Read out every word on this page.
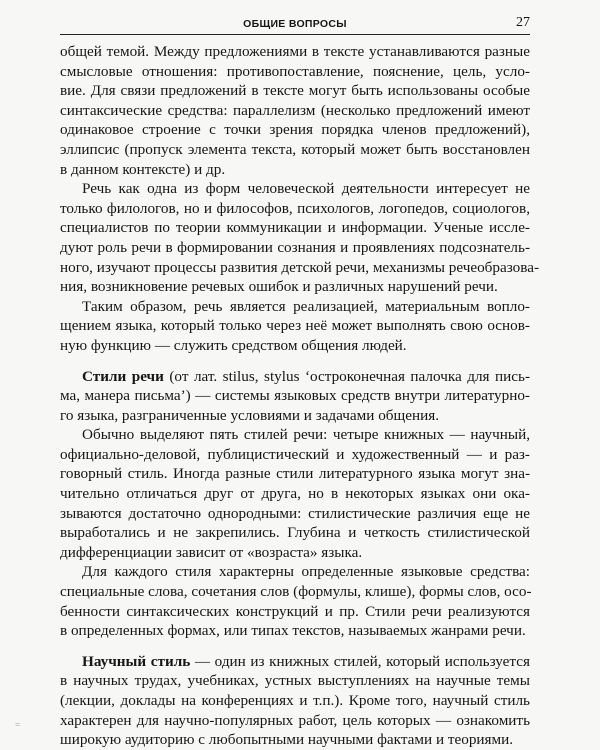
ОБЩИЕ ВОПРОСЫ	27
общей темой. Между предложениями в тексте устанавливаются разные
смысловые отношения: противопоставление, пояснение, цель, усло-
вие. Для связи предложений в тексте могут быть использованы особые
синтаксические средства: параллелизм (несколько предложений имеют
одинаковое строение с точки зрения порядка членов предложений),
эллипсис (пропуск элемента текста, который может быть восстановлен
в данном контексте) и др.
Речь как одна из форм человеческой деятельности интересует не
только филологов, но и философов, психологов, логопедов, социологов,
специалистов по теории коммуникации и информации. Ученые иссле-
дуют роль речи в формировании сознания и проявлениях подсознатель-
ного, изучают процессы развития детской речи, механизмы речеобразова-
ния, возникновение речевых ошибок и различных нарушений речи.
Таким образом, речь является реализацией, материальным вопло-
щением языка, который только через неё может выполнять свою основ-
ную функцию — служить средством общения людей.
Стили речи (от лат. stilus, stylus ‘остроконечная палочка для пись-
ма, манера письма’) — системы языковых средств внутри литературно-
го языка, разграниченные условиями и задачами общения.
Обычно выделяют пять стилей речи: четыре книжных — научный,
официально-деловой, публицистический и художественный — и раз-
говорный стиль. Иногда разные стили литературного языка могут зна-
чительно отличаться друг от друга, но в некоторых языках они ока-
зываются достаточно однородными: стилистические различия еще не
выработались и не закрепились. Глубина и четкость стилистической
дифференциации зависит от «возраста» языка.
Для каждого стиля характерны определенные языковые средства:
специальные слова, сочетания слов (формулы, клише), формы слов, осо-
бенности синтаксических конструкций и пр. Стили речи реализуются
в определенных формах, или типах текстов, называемых жанрами речи.
Научный стиль — один из книжных стилей, который используется
в научных трудах, учебниках, устных выступлениях на научные темы
(лекции, доклады на конференциях и т.п.). Кроме того, научный стиль
характерен для научно-популярных работ, цель которых — ознакомить
широкую аудиторию с любопытными научными фактами и теориями.
=
